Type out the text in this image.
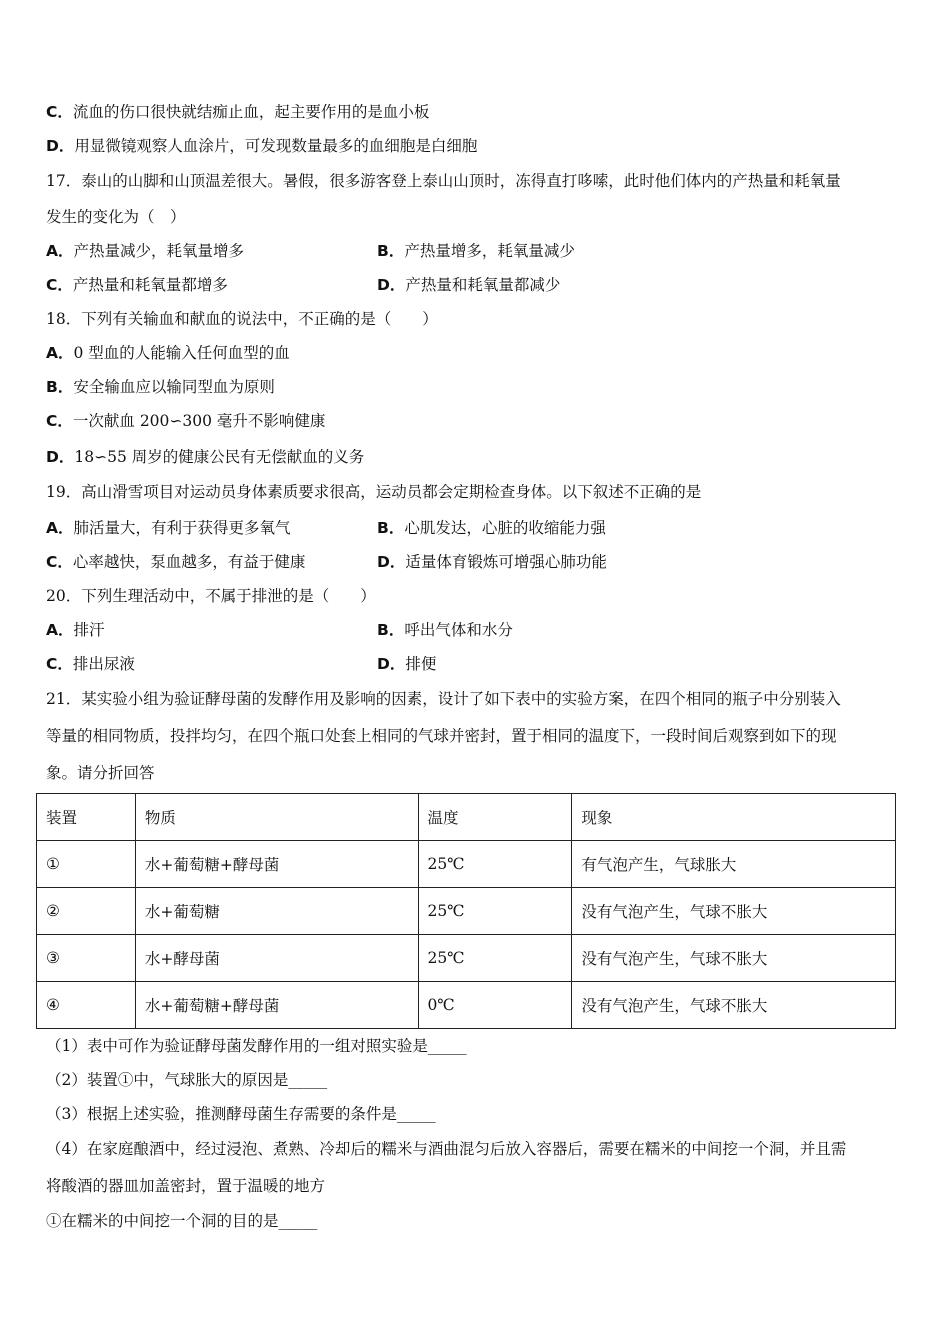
C．流血的伤口很快就结痂止血，起主要作用的是血小板
D．用显微镜观察人血涂片，可发现数量最多的血细胞是白细胞
17．泰山的山脚和山顶温差很大。暑假，很多游客登上泰山山顶时，冻得直打哆嗦，此时他们体内的产热量和耗氧量
发生的变化为（　）
A．产热量减少，耗氧量增多	B．产热量增多，耗氧量减少
C．产热量和耗氧量都增多	D．产热量和耗氧量都减少
18．下列有关输血和献血的说法中，不正确的是（　　）
A．0 型血的人能输入任何血型的血
B．安全输血应以输同型血为原则
C．一次献血 200∽300 毫升不影响健康
D．18∽55 周岁的健康公民有无偿献血的义务
19．高山滑雪项目对运动员身体素质要求很高，运动员都会定期检查身体。以下叙述不正确的是
A．肺活量大，有利于获得更多氧气	B．心肌发达，心脏的收缩能力强
C．心率越快，泵血越多，有益于健康	D．适量体育锻炼可增强心肺功能
20．下列生理活动中，不属于排泄的是（　　）
A．排汗	B．呼出气体和水分
C．排出尿液	D．排便
21．某实验小组为验证酵母菌的发酵作用及影响的因素，设计了如下表中的实验方案，在四个相同的瓶子中分别装入
等量的相同物质，投拌均匀，在四个瓶口处套上相同的气球并密封，置于相同的温度下，一段时间后观察到如下的现
象。请分折回答
装置	物质	温度	现象
①	水+葡萄糖+酵母菌	25℃	有气泡产生，气球胀大
②	水+葡萄糖	25℃	没有气泡产生，气球不胀大
③	水+酵母菌	25℃	没有气泡产生，气球不胀大
④	水+葡萄糖+酵母菌	0℃	没有气泡产生，气球不胀大
（1）表中可作为验证酵母菌发酵作用的一组对照实验是_____
（2）装置①中，气球胀大的原因是_____
（3）根据上述实验，推测酵母菌生存需要的条件是_____
（4）在家庭酿酒中，经过浸泡、煮熟、冷却后的糯米与酒曲混匀后放入容器后，需要在糯米的中间挖一个洞，并且需
将酸酒的器皿加盖密封，置于温暖的地方
①在糯米的中间挖一个洞的目的是_____
